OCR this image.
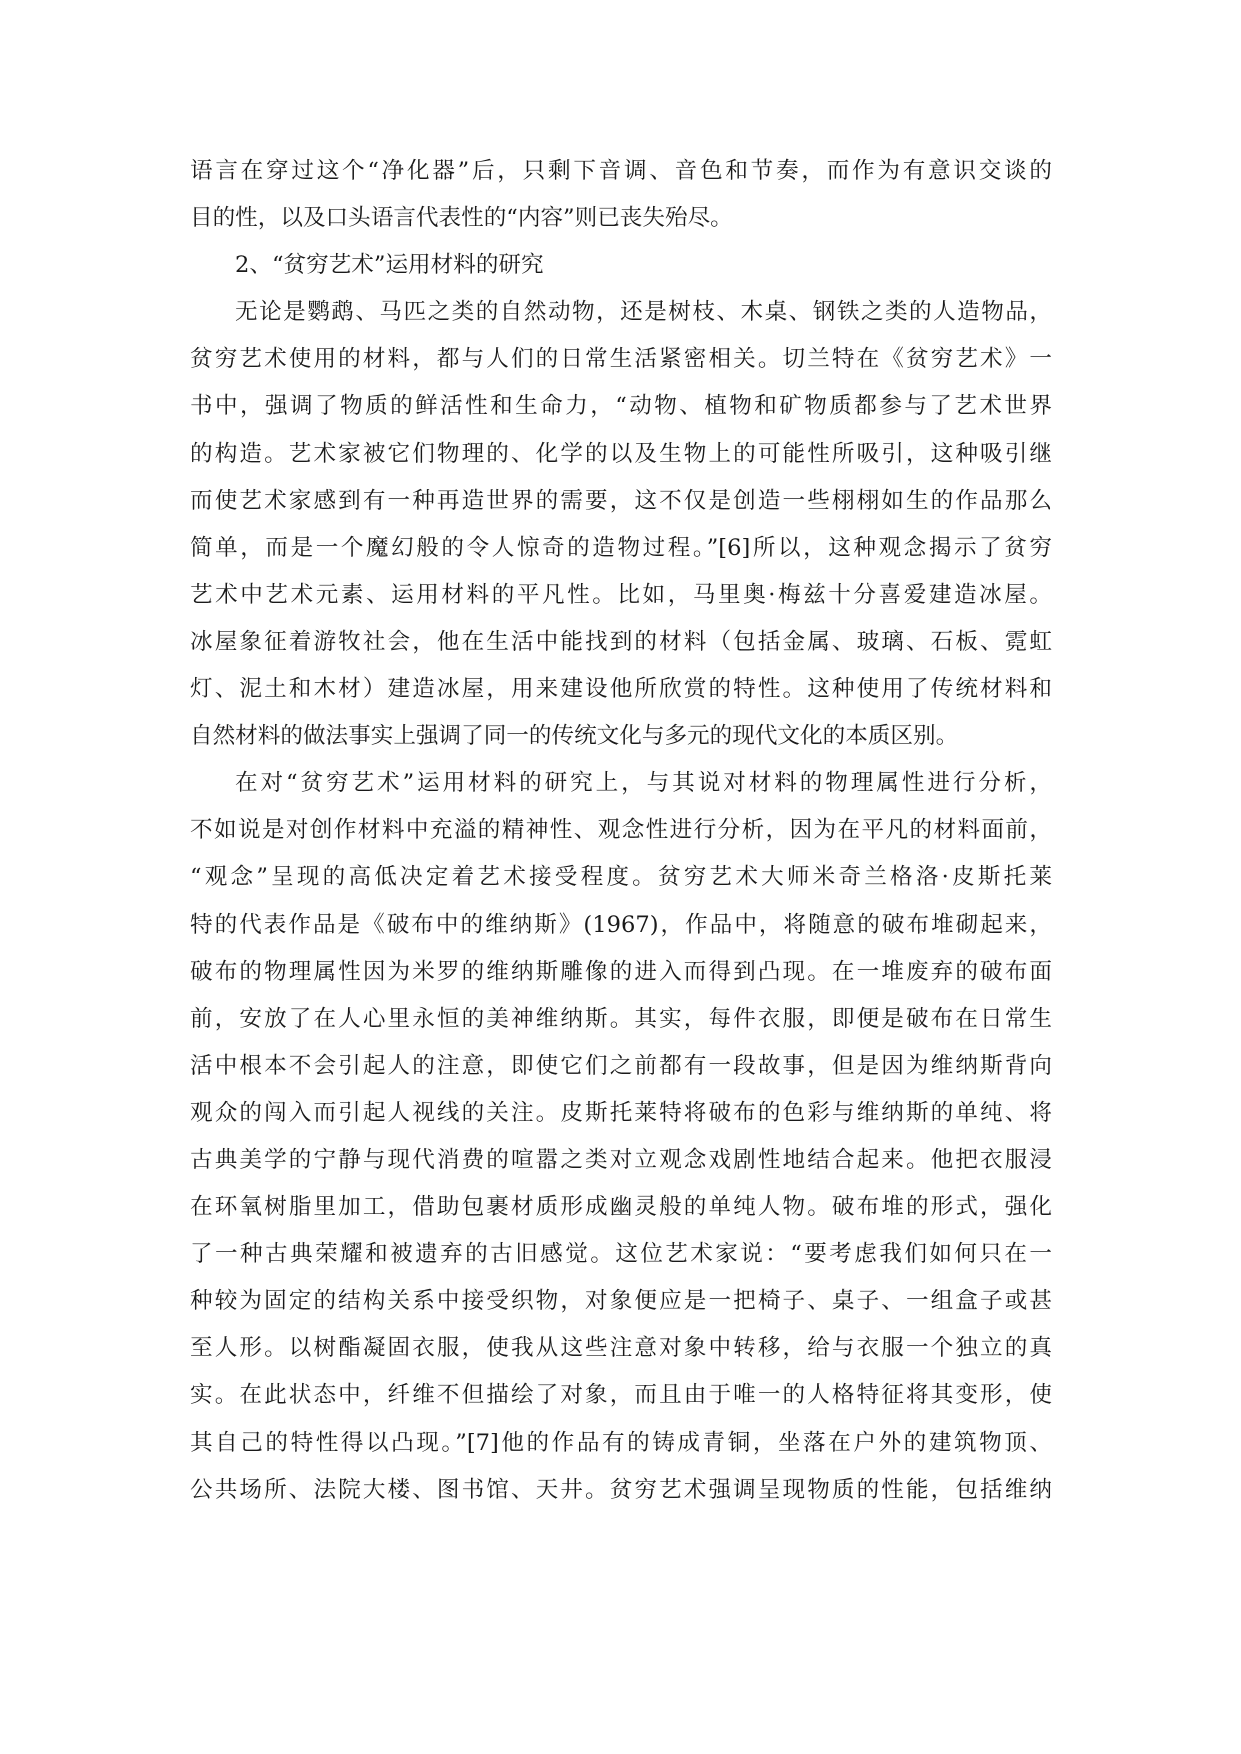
语言在穿过这个“净化器”后，只剩下音调、音色和节奏，而作为有意识交谈的
目的性，以及口头语言代表性的“内容”则已丧失殆尽。
2、“贫穷艺术”运用材料的研究
无论是鹦鹉、马匹之类的自然动物，还是树枝、木桌、钢铁之类的人造物品，
贫穷艺术使用的材料，都与人们的日常生活紧密相关。切兰特在《贫穷艺术》一
书中，强调了物质的鲜活性和生命力，“动物、植物和矿物质都参与了艺术世界
的构造。艺术家被它们物理的、化学的以及生物上的可能性所吸引，这种吸引继
而使艺术家感到有一种再造世界的需要，这不仅是创造一些栩栩如生的作品那么
简单，而是一个魔幻般的令人惊奇的造物过程。”[6]所以，这种观念揭示了贫穷
艺术中艺术元素、运用材料的平凡性。比如，马里奥·梅兹十分喜爱建造冰屋。
冰屋象征着游牧社会，他在生活中能找到的材料（包括金属、玻璃、石板、霓虹
灯、泥土和木材）建造冰屋，用来建设他所欣赏的特性。这种使用了传统材料和
自然材料的做法事实上强调了同一的传统文化与多元的现代文化的本质区别。
在对“贫穷艺术”运用材料的研究上，与其说对材料的物理属性进行分析，
不如说是对创作材料中充溢的精神性、观念性进行分析，因为在平凡的材料面前，
“观念”呈现的高低决定着艺术接受程度。贫穷艺术大师米奇兰格洛·皮斯托莱
特的代表作品是《破布中的维纳斯》(1967)，作品中，将随意的破布堆砌起来，
破布的物理属性因为米罗的维纳斯雕像的进入而得到凸现。在一堆废弃的破布面
前，安放了在人心里永恒的美神维纳斯。其实，每件衣服，即便是破布在日常生
活中根本不会引起人的注意，即使它们之前都有一段故事，但是因为维纳斯背向
观众的闯入而引起人视线的关注。皮斯托莱特将破布的色彩与维纳斯的单纯、将
古典美学的宁静与现代消费的喧嚣之类对立观念戏剧性地结合起来。他把衣服浸
在环氧树脂里加工，借助包裹材质形成幽灵般的单纯人物。破布堆的形式，强化
了一种古典荣耀和被遗弃的古旧感觉。这位艺术家说：“要考虑我们如何只在一
种较为固定的结构关系中接受织物，对象便应是一把椅子、桌子、一组盒子或甚
至人形。以树酯凝固衣服，使我从这些注意对象中转移，给与衣服一个独立的真
实。在此状态中，纤维不但描绘了对象，而且由于唯一的人格特征将其变形，使
其自己的特性得以凸现。”[7]他的作品有的铸成青铜，坐落在户外的建筑物顶、
公共场所、法院大楼、图书馆、天井。贫穷艺术强调呈现物质的性能，包括维纳
